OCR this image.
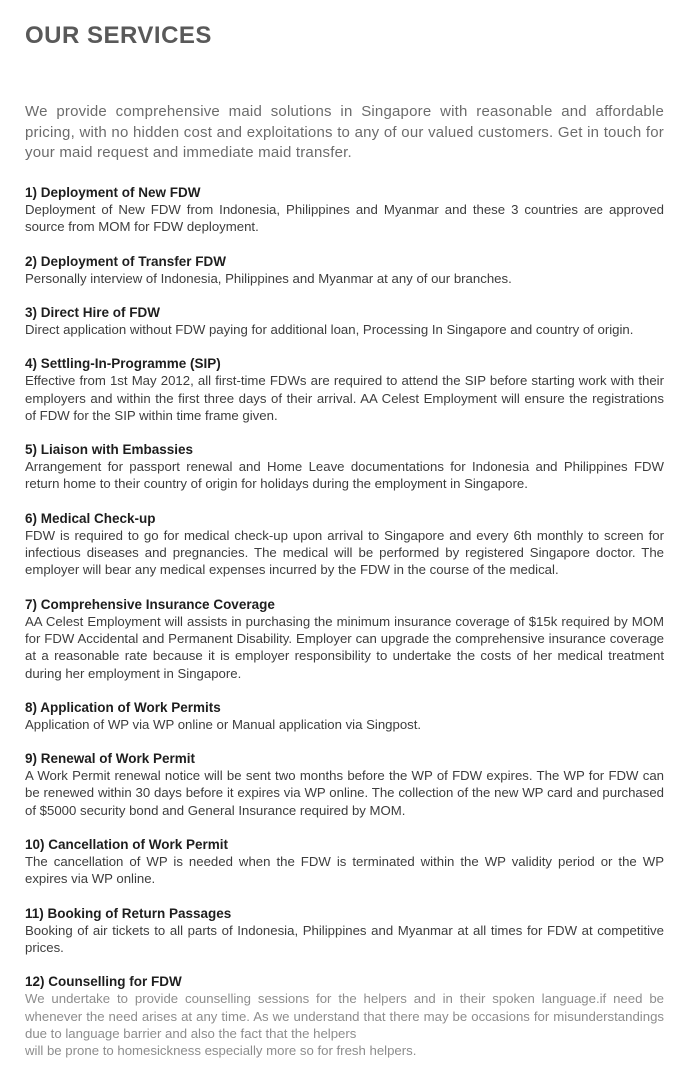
OUR SERVICES

We provide comprehensive maid solutions in Singapore with reasonable and affordable pricing, with no hidden cost and exploitations to any of our valued customers. Get in touch for your maid request and immediate maid transfer.

1) Deployment of New FDW

Deployment of New FDW from Indonesia, Philippines and Myanmar and these 3 countries are approved source from MOM for FDW deployment.

2) Deployment of Transfer FDW

Personally interview of Indonesia, Philippines and Myanmar at any of our branches.

3) Direct Hire of FDW

Direct application without FDW paying for additional loan, Processing In Singapore and country of origin.

4) Settling-In-Programme (SIP)

Effective from 1st May 2012, all first-time FDWs are required to attend the SIP before starting work with their employers and within the first three days of their arrival. AA Celest Employment will ensure the registrations of FDW for the SIP within time frame given.

5) Liaison with Embassies

Arrangement for passport renewal and Home Leave documentations for Indonesia and Philippines FDW return home to their country of origin for holidays during the employment in Singapore.

6) Medical Check-up

FDW is required to go for medical check-up upon arrival to Singapore and every 6th monthly to screen for infectious diseases and pregnancies. The medical will be performed by registered Singapore doctor. The employer will bear any medical expenses incurred by the FDW in the course of the medical.

7) Comprehensive Insurance Coverage

AA Celest Employment will assists in purchasing the minimum insurance coverage of $15k required by MOM for FDW Accidental and Permanent Disability. Employer can upgrade the comprehensive insurance coverage at a reasonable rate because it is employer responsibility to undertake the costs of her medical treatment during her employment in Singapore.

8) Application of Work Permits

Application of WP via WP online or Manual application via Singpost.

9) Renewal of Work Permit

A Work Permit renewal notice will be sent two months before the WP of FDW expires. The WP for FDW can be renewed within 30 days before it expires via WP online. The collection of the new WP card and purchased of $5000 security bond and General Insurance required by MOM.

10) Cancellation of Work Permit

The cancellation of WP is needed when the FDW is terminated within the WP validity period or the WP expires via WP online.

11) Booking of Return Passages

Booking of air tickets to all parts of Indonesia, Philippines and Myanmar at all times for FDW at competitive prices.

12) Counselling for FDW

We undertake to provide counselling sessions for the helpers and in their spoken language.if need be whenever the need arises at any time. As we understand that there may be occasions for misunderstandings due to language barrier and also the fact that the helpers
will be prone to homesickness especially more so for fresh helpers.
